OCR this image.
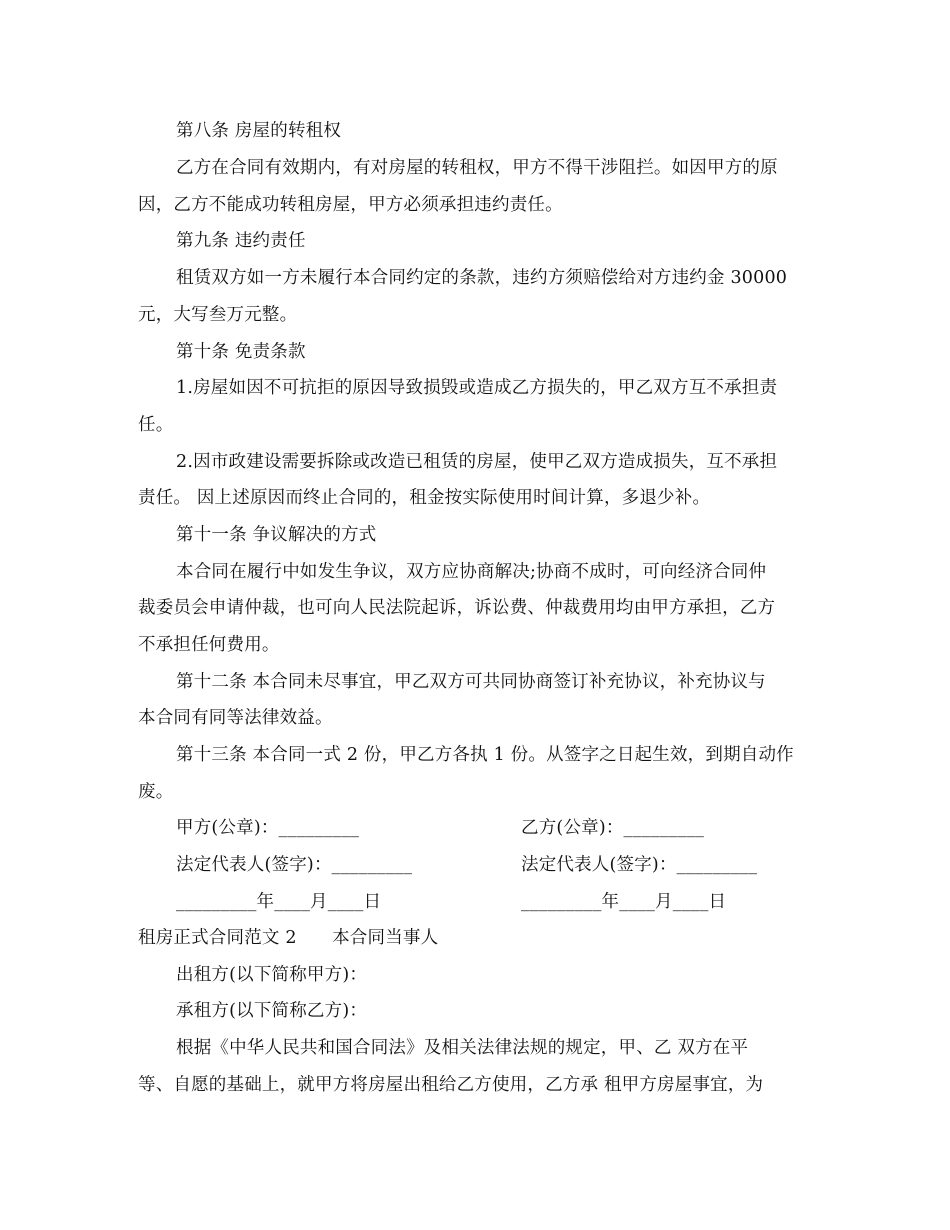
第八条 房屋的转租权
乙方在合同有效期内，有对房屋的转租权，甲方不得干涉阻拦。如因甲方的原
因，乙方不能成功转租房屋，甲方必须承担违约责任。
第九条 违约责任
租赁双方如一方未履行本合同约定的条款，违约方须赔偿给对方违约金 30000
元，大写叁万元整。
第十条 免责条款
1.房屋如因不可抗拒的原因导致损毁或造成乙方损失的，甲乙双方互不承担责
任。
2.因市政建设需要拆除或改造已租赁的房屋，使甲乙双方造成损失，互不承担
责任。 因上述原因而终止合同的，租金按实际使用时间计算，多退少补。
第十一条 争议解决的方式
本合同在履行中如发生争议，双方应协商解决;协商不成时，可向经济合同仲
裁委员会申请仲裁，也可向人民法院起诉，诉讼费、仲裁费用均由甲方承担，乙方
不承担任何费用。
第十二条 本合同未尽事宜，甲乙双方可共同协商签订补充协议，补充协议与
本合同有同等法律效益。
第十三条 本合同一式 2 份，甲乙方各执 1 份。从签字之日起生效，到期自动作
废。
甲方(公章)：_________	乙方(公章)：_________
法定代表人(签字)：_________	法定代表人(签字)：_________
_________年____月____日	_________年____月____日
租房正式合同范文 2　　本合同当事人
出租方(以下简称甲方)：
承租方(以下简称乙方)：
根据《中华人民共和国合同法》及相关法律法规的规定，甲、乙 双方在平
等、自愿的基础上，就甲方将房屋出租给乙方使用，乙方承 租甲方房屋事宜，为
